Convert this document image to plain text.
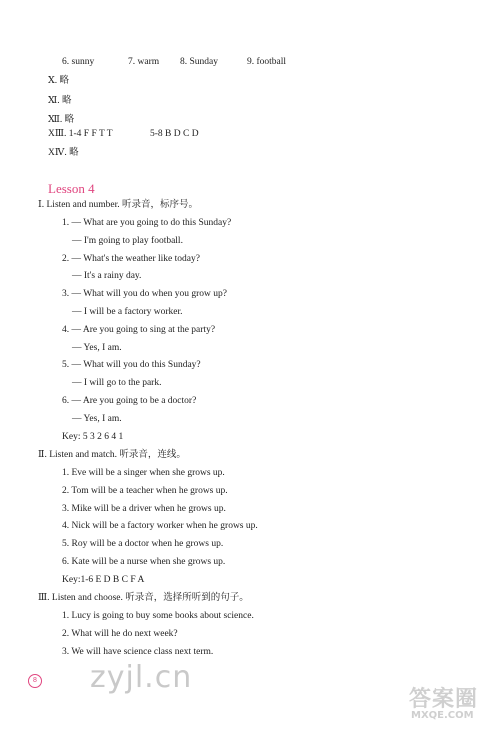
6. sunny	7. warm 8. Sunday	9. football
Ⅹ. 略
Ⅺ. 略
Ⅻ. 略
XⅢ. 1-4 F F T T	5-8 B D C D
XⅣ. 略
Lesson 4
Ⅰ. Listen and number. 听录音，标序号。
1. — What are you going to do this Sunday?
— I'm going to play football.
2. — What's the weather like today?
— It's a rainy day.
3. — What will you do when you grow up?
— I will be a factory worker.
4. — Are you going to sing at the party?
— Yes, I am.
5. — What will you do this Sunday?
— I will go to the park.
6. — Are you going to be a doctor?
— Yes, I am.
Key: 5 3 2 6 4 1
Ⅱ. Listen and match. 听录音，连线。
1. Eve will be a singer when she grows up.
2. Tom will be a teacher when he grows up.
3. Mike will be a driver when he grows up.
4. Nick will be a factory worker when he grows up.
5. Roy will be a doctor when he grows up.
6. Kate will be a nurse when she grows up.
Key:1-6 E D B C F A
Ⅲ. Listen and choose. 听录音，选择所听到的句子。
1. Lucy is going to buy some books about science.
2. What will he do next week?
3. We will have science class next term.
8 zyjl.cn
答案圈
MXQE.COM
